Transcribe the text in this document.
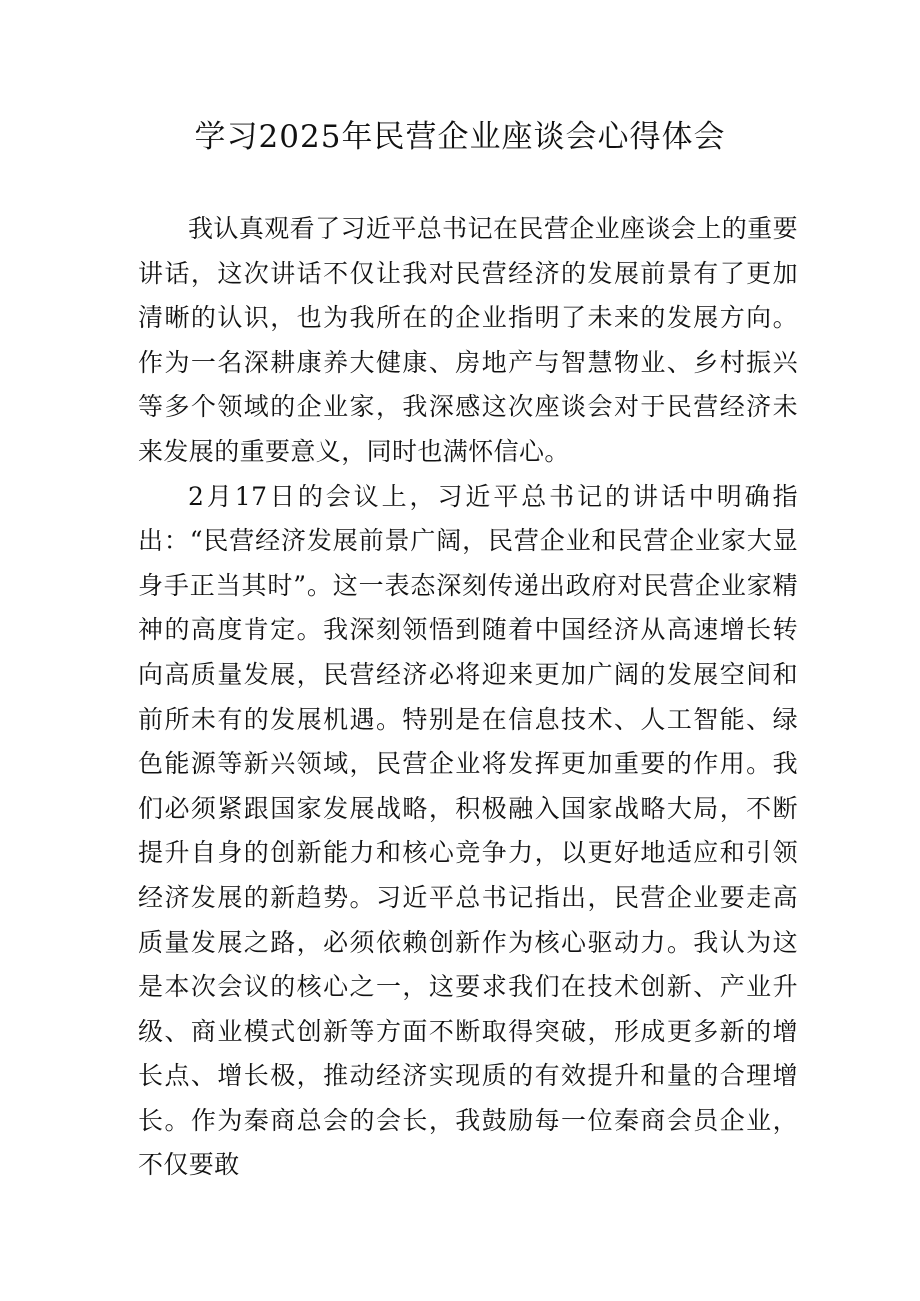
学习2025年民营企业座谈会心得体会

我认真观看了习近平总书记在民营企业座谈会上的重要讲话，这次讲话不仅让我对民营经济的发展前景有了更加清晰的认识，也为我所在的企业指明了未来的发展方向。作为一名深耕康养大健康、房地产与智慧物业、乡村振兴等多个领域的企业家，我深感这次座谈会对于民营经济未来发展的重要意义，同时也满怀信心。

2月17日的会议上，习近平总书记的讲话中明确指出：“民营经济发展前景广阔，民营企业和民营企业家大显身手正当其时”。这一表态深刻传递出政府对民营企业家精神的高度肯定。我深刻领悟到随着中国经济从高速增长转向高质量发展，民营经济必将迎来更加广阔的发展空间和前所未有的发展机遇。特别是在信息技术、人工智能、绿色能源等新兴领域，民营企业将发挥更加重要的作用。我们必须紧跟国家发展战略，积极融入国家战略大局，不断提升自身的创新能力和核心竞争力，以更好地适应和引领经济发展的新趋势。习近平总书记指出，民营企业要走高质量发展之路，必须依赖创新作为核心驱动力。我认为这是本次会议的核心之一，这要求我们在技术创新、产业升级、商业模式创新等方面不断取得突破，形成更多新的增长点、增长极，推动经济实现质的有效提升和量的合理增长。作为秦商总会的会长，我鼓励每一位秦商会员企业，不仅要敢
